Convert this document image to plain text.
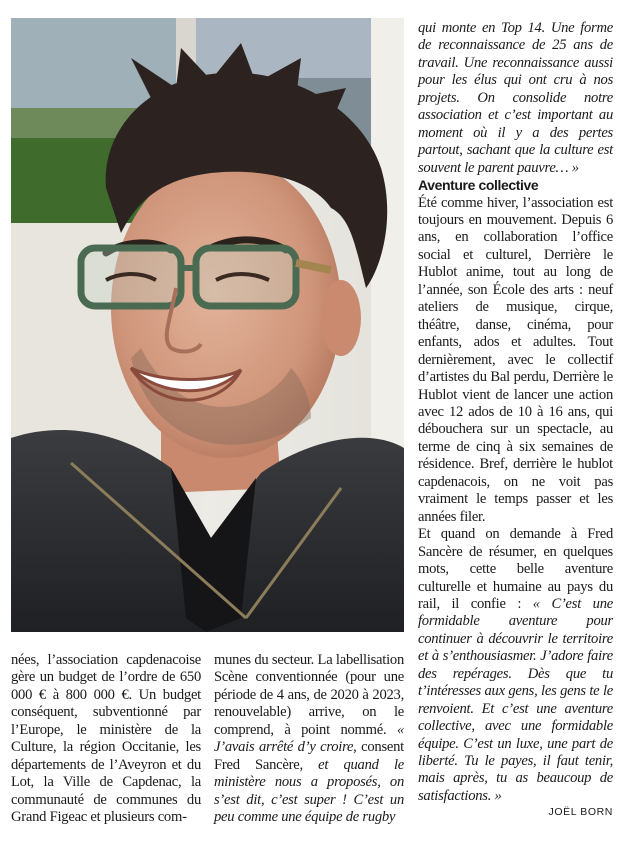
qui monte en Top 14. Une forme de reconnaissance de 25 ans de travail. Une reconnaissance aussi pour les élus qui ont cru à nos projets. On consolide notre association et c’est important au moment où il y a des pertes partout, sachant que la culture est souvent le parent pauvre… »

Aventure collective

Été comme hiver, l’association est toujours en mouvement. Depuis 6 ans, en collaboration l’office social et culturel, Derrière le Hublot anime, tout au long de l’année, son École des arts : neuf ateliers de musique, cirque, théâtre, danse, cinéma, pour enfants, ados et adultes. Tout dernièrement, avec le collectif d’artistes du Bal perdu, Derrière le Hublot vient de lancer une action avec 12 ados de 10 à 16 ans, qui débouchera sur un spectacle, au terme de cinq à six semaines de résidence. Bref, derrière le hublot capdenacois, on ne voit pas vraiment le temps passer et les années filer.

Et quand on demande à Fred Sancère de résumer, en quelques mots, cette belle aventure culturelle et humaine au pays du rail, il confie : « C’est une formidable aventure pour continuer à découvrir le territoire et à s’enthousiasmer. J’adore faire des repérages. Dès que tu t’intéresses aux gens, les gens te le renvoient. Et c’est une aventure collective, avec une formidable équipe. C’est un luxe, une part de liberté. Tu le payes, il faut tenir, mais après, tu as beaucoup de satisfactions. »

JOËL BORN

nées, l’association capdenacoise gère un budget de l’ordre de 650 000 € à 800 000 €. Un budget conséquent, subventionné par l’Europe, le ministère de la Culture, la région Occitanie, les départements de l’Aveyron et du Lot, la Ville de Capdenac, la communauté de communes du Grand Figeac et plusieurs com-

munes du secteur. La labellisation Scène conventionnée (pour une période de 4 ans, de 2020 à 2023, renouvelable) arrive, on le comprend, à point nommé. « J’avais arrêté d’y croire, consent Fred Sancère, et quand le ministère nous a proposés, on s’est dit, c’est super ! C’est un peu comme une équipe de rugby
